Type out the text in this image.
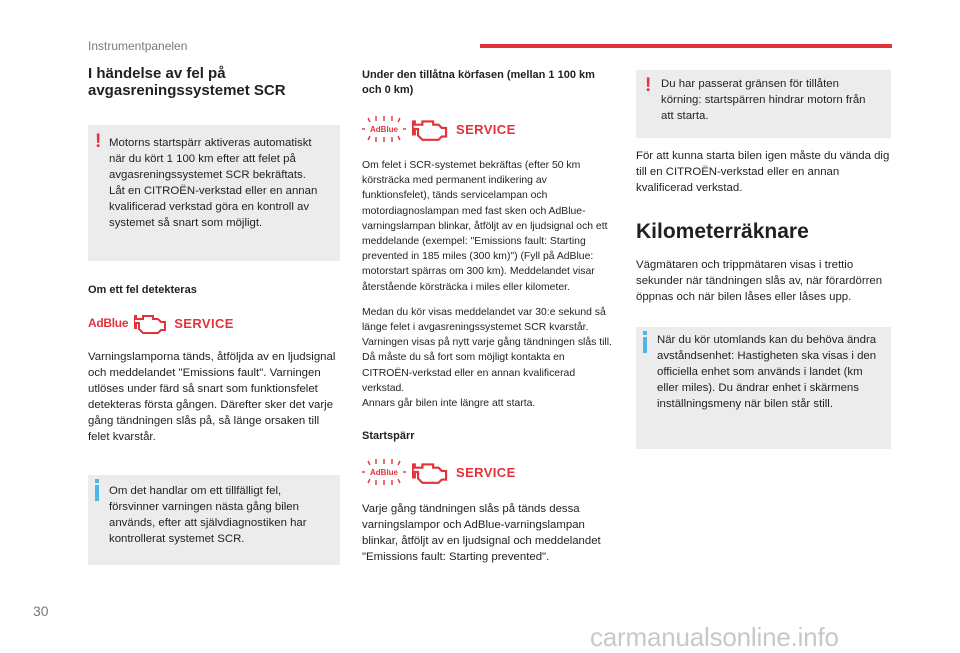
Instrumentpanelen
I händelse av fel på avgasreningssystemet SCR
! Motorns startspärr aktiveras automatiskt när du kört 1 100 km efter att felet på avgasreningssystemet SCR bekräftats. Låt en CITROËN-verkstad eller en annan kvalificerad verkstad göra en kontroll av systemet så snart som möjligt.

Om ett fel detekteras

AdBlue	SERVICE

Varningslamporna tänds, åtföljda av en ljudsignal och meddelandet "Emissions fault". Varningen utlöses under färd så snart som funktionsfelet detekteras första gången. Därefter sker det varje gång tändningen slås på, så länge orsaken till felet kvarstår.

Om det handlar om ett tillfälligt fel, försvinner varningen nästa gång bilen används, efter att självdiagnostiken har kontrollerat systemet SCR.

Under den tillåtna körfasen (mellan 1 100 km och 0 km)

AdBlue	SERVICE

Om felet i SCR-systemet bekräftas (efter 50 km körsträcka med permanent indikering av funktionsfelet), tänds servicelampan och motordiagnoslampan med fast sken och AdBlue-varningslampan blinkar, åtföljt av en ljudsignal och ett meddelande (exempel: "Emissions fault: Starting prevented in 185 miles (300 km)") (Fyll på AdBlue: motorstart spärras om 300 km). Meddelandet visar återstående körsträcka i miles eller kilometer.

Medan du kör visas meddelandet var 30:e sekund så länge felet i avgasreningssystemet SCR kvarstår. Varningen visas på nytt varje gång tändningen slås till.

Då måste du så fort som möjligt kontakta en CITROËN-verkstad eller en annan kvalificerad verkstad.

Annars går bilen inte längre att starta.

Startspärr

AdBlue	SERVICE

Varje gång tändningen slås på tänds dessa varningslampor och AdBlue-varningslampan blinkar, åtföljt av en ljudsignal och meddelandet "Emissions fault: Starting prevented".

! Du har passerat gränsen för tillåten körning: startspärren hindrar motorn från att starta.

För att kunna starta bilen igen måste du vända dig till en CITROËN-verkstad eller en annan kvalificerad verkstad.

Kilometerräknare

Vägmätaren och trippmätaren visas i trettio sekunder när tändningen slås av, när förardörren öppnas och när bilen låses eller låses upp.

När du kör utomlands kan du behöva ändra avståndsenhet: Hastigheten ska visas i den officiella enhet som används i landet (km eller miles). Du ändrar enhet i skärmens inställningsmeny när bilen står still.

30
carmanualsonline.info
